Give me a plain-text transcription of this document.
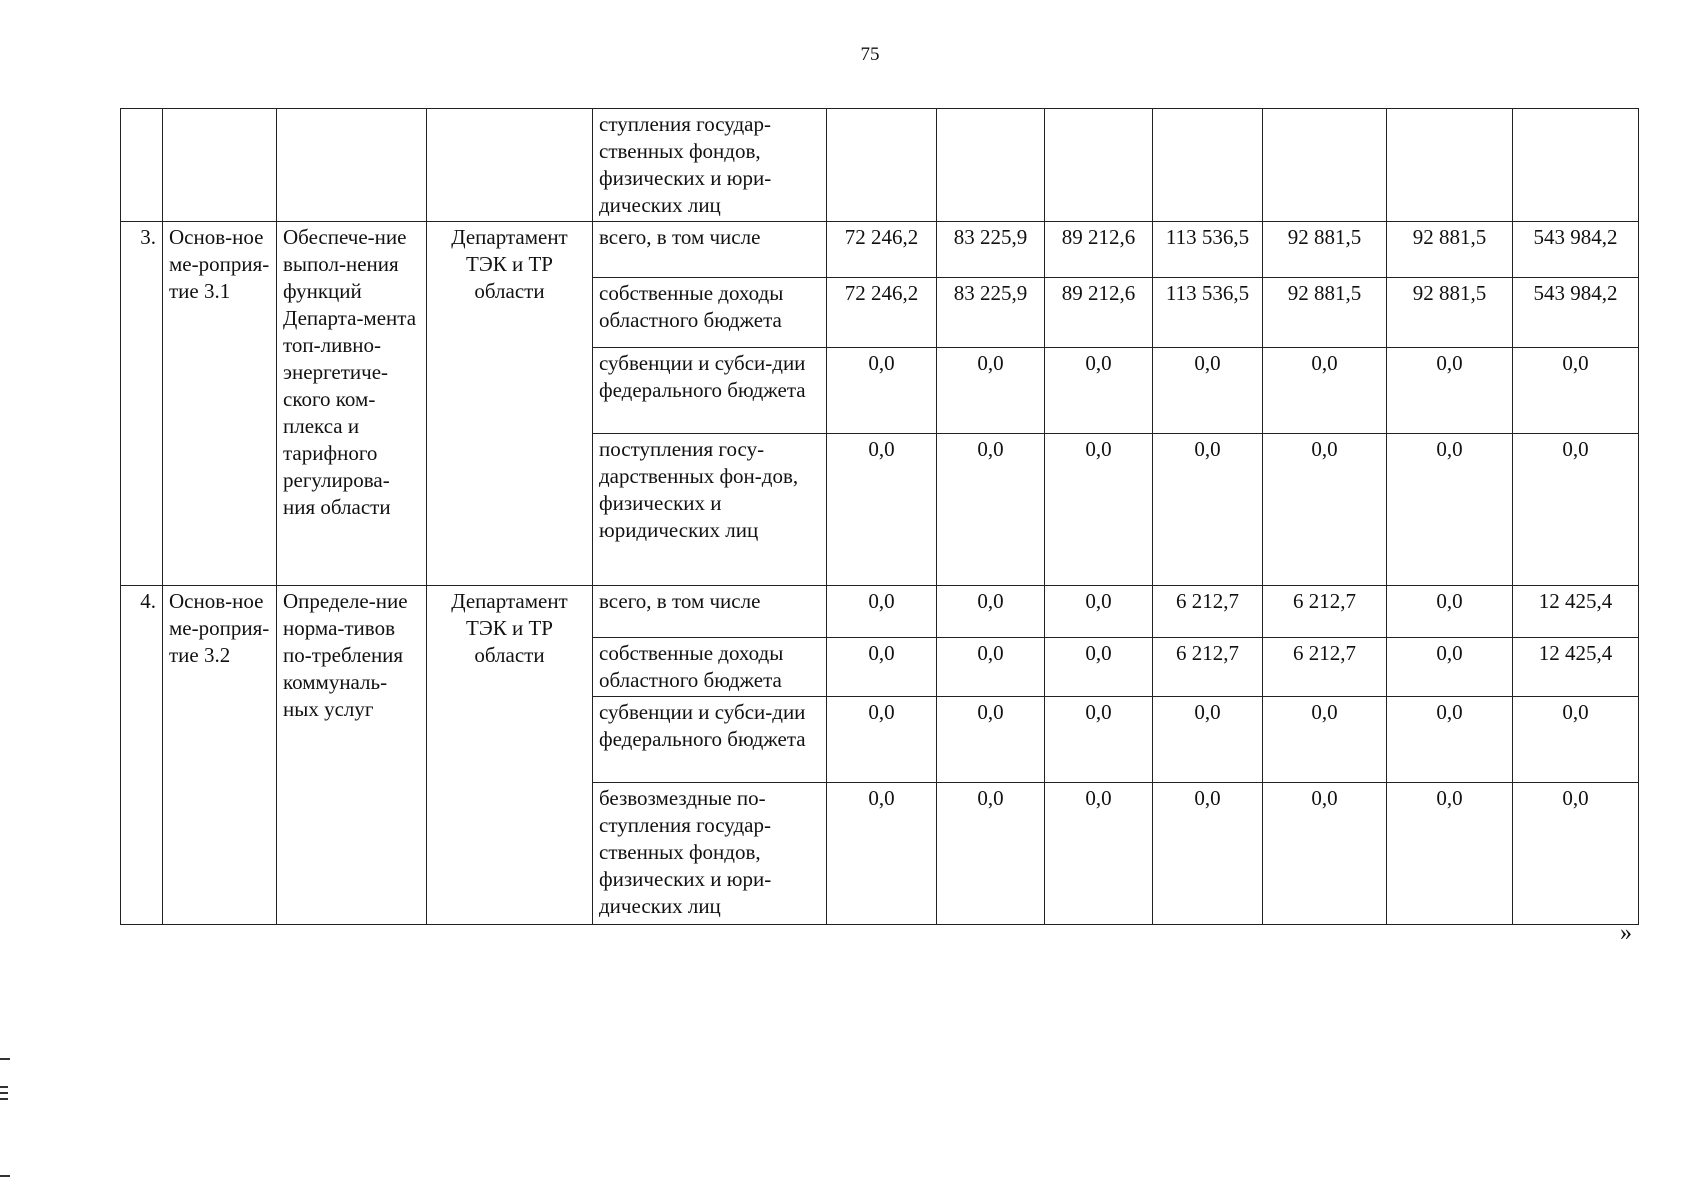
75
				ступления государ-ственных фондов, физических и юри-дических лиц							
3.	Основ-ное ме-роприя-тие 3.1	Обеспече-ние выпол-нения функций Департа-мента топ-ливно-энергетиче-ского ком-плекса и тарифного регулирова-ния области	Департамент ТЭК и ТР области	всего, в том числе	72 246,2	83 225,9	89 212,6	113 536,5	92 881,5	92 881,5	543 984,2
				собственные доходы областного бюджета	72 246,2	83 225,9	89 212,6	113 536,5	92 881,5	92 881,5	543 984,2
				субвенции и субси-дии федерального бюджета	0,0	0,0	0,0	0,0	0,0	0,0	0,0
				поступления госу-дарственных фон-дов, физических и юридических лиц	0,0	0,0	0,0	0,0	0,0	0,0	0,0
4.	Основ-ное ме-роприя-тие 3.2	Определе-ние норма-тивов по-требления коммуналь-ных услуг	Департамент ТЭК и ТР области	всего, в том числе	0,0	0,0	0,0	6 212,7	6 212,7	0,0	12 425,4
				собственные доходы областного бюджета	0,0	0,0	0,0	6 212,7	6 212,7	0,0	12 425,4
				субвенции и субси-дии федерального бюджета	0,0	0,0	0,0	0,0	0,0	0,0	0,0
				безвозмездные по-ступления государ-ственных фондов, физических и юри-дических лиц	0,0	0,0	0,0	0,0	0,0	0,0	0,0
»
